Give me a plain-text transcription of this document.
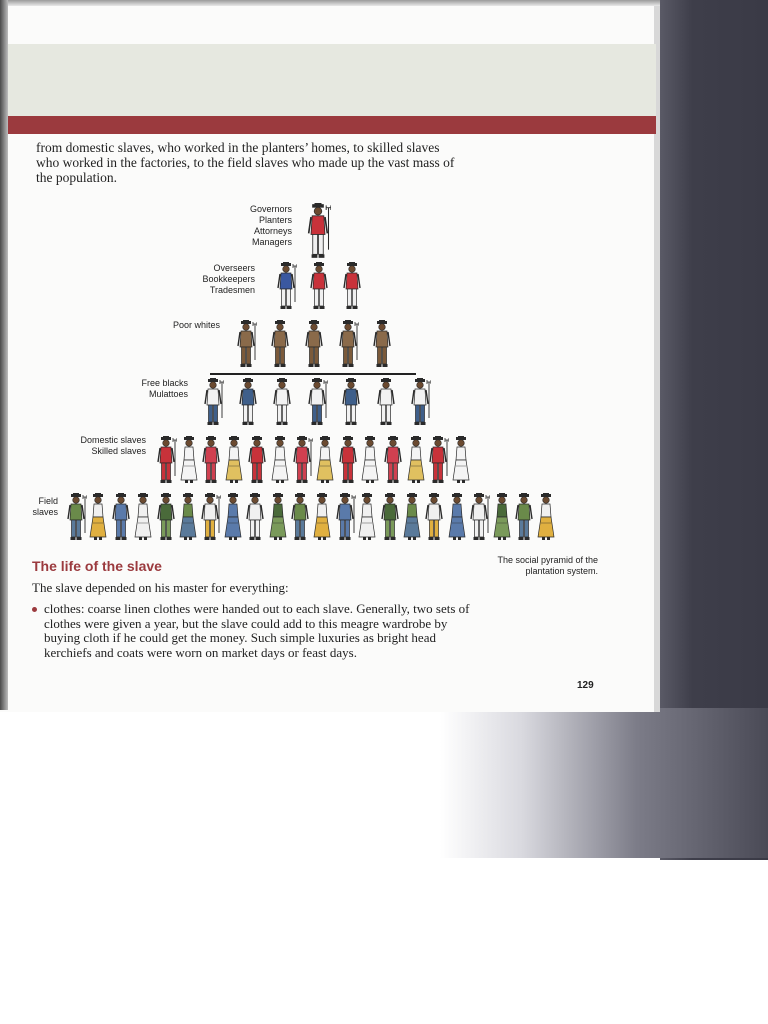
from domestic slaves, who worked in the planters’ homes, to skilled slaves who worked in the factories, to the field slaves who made up the vast mass of the population.

Governors
Planters
Attorneys
Managers
Overseers
Bookkeepers
Tradesmen
Poor whites
Free blacks
Mulattoes
Domestic slaves
Skilled slaves
Field
slaves

The social pyramid of the plantation system.

The life of the slave

The slave depended on his master for everything:

clothes: coarse linen clothes were handed out to each slave. Generally, two sets of clothes were given a year, but the slave could add to this meagre wardrobe by buying cloth if he could get the money. Such simple luxuries as bright head kerchiefs and coats were worn on market days or feast days.
129
